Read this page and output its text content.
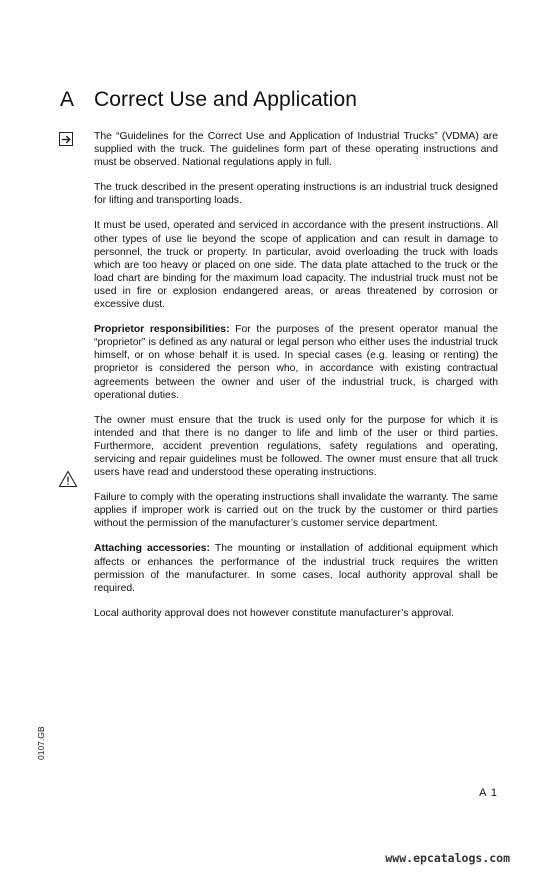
A Correct Use and Application

The “Guidelines for the Correct Use and Application of Industrial Trucks” (VDMA) are supplied with the truck. The guidelines form part of these operating instructions and must be observed. National regulations apply in full.

The truck described in the present operating instructions is an industrial truck designed for lifting and transporting loads.

It must be used, operated and serviced in accordance with the present instructions. All other types of use lie beyond the scope of application and can result in damage to personnel, the truck or property. In particular, avoid overloading the truck with loads which are too heavy or placed on one side. The data plate attached to the truck or the load chart are binding for the maximum load capacity. The industrial truck must not be used in fire or explosion endangered areas, or areas threatened by corrosion or excessive dust.

Proprietor responsibilities: For the purposes of the present operator manual the “proprietor” is defined as any natural or legal person who either uses the industrial truck himself, or on whose behalf it is used. In special cases (e.g. leasing or renting) the proprietor is considered the person who, in accordance with existing contractual agreements between the owner and user of the industrial truck, is charged with operational duties.

The owner must ensure that the truck is used only for the purpose for which it is intended and that there is no danger to life and limb of the user or third parties. Furthermore, accident prevention regulations, safety regulations and operating, servicing and repair guidelines must be followed. The owner must ensure that all truck users have read and understood these operating instructions.

Failure to comply with the operating instructions shall invalidate the warranty. The same applies if improper work is carried out on the truck by the customer or third parties without the permission of the manufacturer’s customer service department.

Attaching accessories: The mounting or installation of additional equipment which affects or enhances the performance of the industrial truck requires the written permission of the manufacturer. In some cases, local authority approval shall be required.

Local authority approval does not however constitute manufacturer’s approval.

0107.GB
A 1
www.epcatalogs.com
